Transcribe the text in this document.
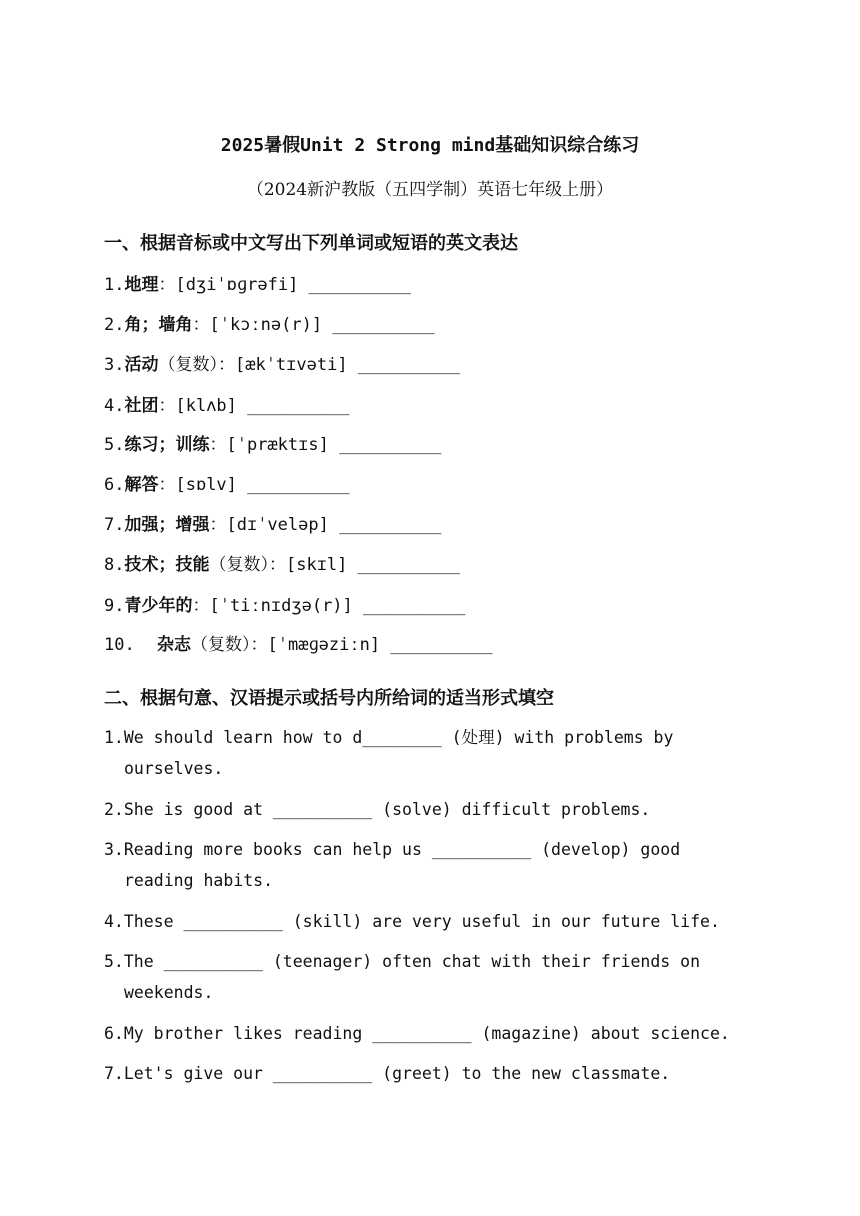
2025暑假Unit 2 Strong mind基础知识综合练习
（2024新沪教版（五四学制）英语七年级上册）
一、根据音标或中文写出下列单词或短语的英文表达
1.地理：[dʒiˈɒɡrəfi] __________
2.角；墙角：[ˈkɔːnə(r)] __________
3.活动（复数）：[ækˈtɪvəti] __________
4.社团：[klʌb] __________
5.练习；训练：[ˈpræktɪs] __________
6.解答：[sɒlv] __________
7.加强；增强：[dɪˈveləp] __________
8.技术；技能（复数）：[skɪl] __________
9.青少年的：[ˈtiːnɪdʒə(r)] __________
10. 杂志（复数）：[ˈmæɡəziːn] __________
二、根据句意、汉语提示或括号内所给词的适当形式填空
1.We should learn how to d________ (处理) with problems by
ourselves.
2.She is good at __________ (solve) difficult problems.
3.Reading more books can help us __________ (develop) good
reading habits.
4.These __________ (skill) are very useful in our future life.
5.The __________ (teenager) often chat with their friends on
weekends.
6.My brother likes reading __________ (magazine) about science.
7.Let's give our __________ (greet) to the new classmate.
